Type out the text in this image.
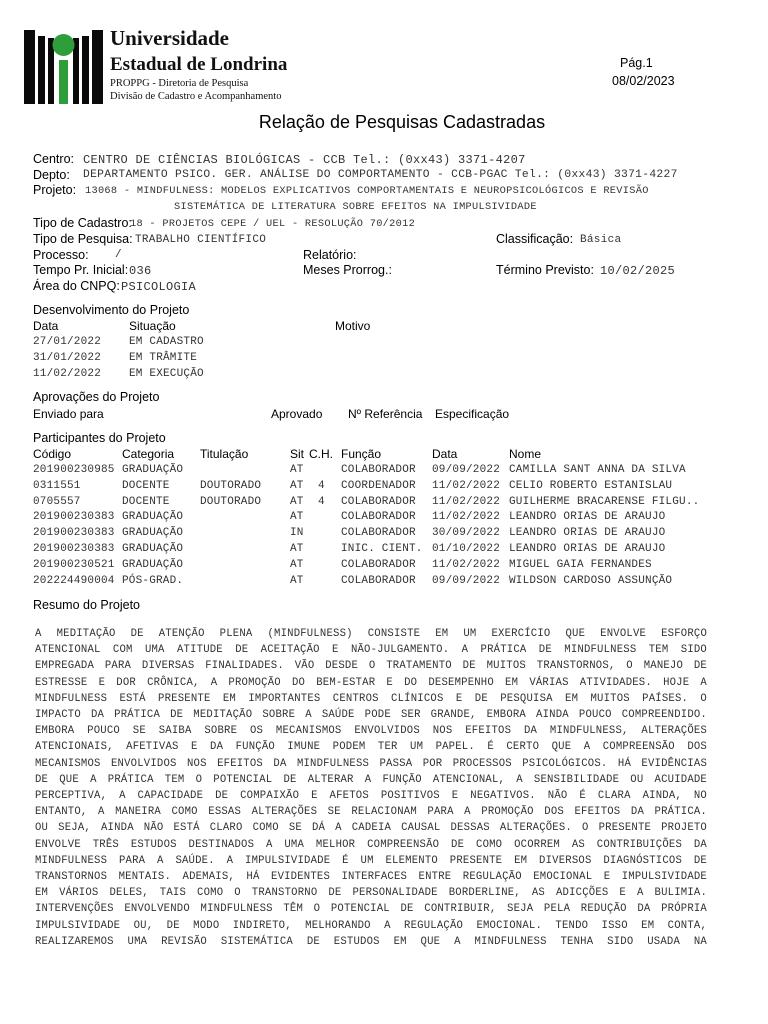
Universidade
Estadual de Londrina
PROPPG - Diretoria de Pesquisa
Divisão de Cadastro e Acompanhamento
Pág.1
08/02/2023
Relação de Pesquisas Cadastradas
Centro: CENTRO DE CIÊNCIAS BIOLÓGICAS - CCB Tel.: (0xx43) 3371-4207
Depto: DEPARTAMENTO PSICO. GER. ANÁLISE DO COMPORTAMENTO - CCB-PGAC Tel.: (0xx43) 3371-4227
Projeto: 13068 - MINDFULNESS: MODELOS EXPLICATIVOS COMPORTAMENTAIS E NEUROPSICOLÓGICOS E REVISÃO
SISTEMÁTICA DE LITERATURA SOBRE EFEITOS NA IMPULSIVIDADE
Tipo de Cadastro:
18 - PROJETOS CEPE / UEL - RESOLUÇÃO 70/2012
Tipo de Pesquisa: TRABALHO CIENTÍFICO	Classificação: Básica
Processo: /	Relatório:
Tempo Pr. Inicial: 036	Meses Prorrog.:	Término Previsto: 10/02/2025
Área do CNPQ: PSICOLOGIA
Desenvolvimento do Projeto
Data	Situação	Motivo
27/01/2022	EM CADASTRO
31/01/2022	EM TRÂMITE
11/02/2022	EM EXECUÇÃO
Aprovações do Projeto
Enviado para	Aprovado Nº Referência Especificação
Participantes do Projeto
Código	Categoria Titulação	Sit C.H. Função	Data	Nome
201900230985 GRADUAÇÃO	AT	COLABORADOR 09/09/2022 CAMILLA SANT ANNA DA SILVA
0311551	DOCENTE	DOUTORADO	AT 4 COORDENADOR 11/02/2022 CELIO ROBERTO ESTANISLAU
0705557	DOCENTE	DOUTORADO	AT 4 COLABORADOR 11/02/2022 GUILHERME BRACARENSE FILGU..
201900230383 GRADUAÇÃO	AT	COLABORADOR 11/02/2022 LEANDRO ORIAS DE ARAUJO
201900230383 GRADUAÇÃO	IN	COLABORADOR 30/09/2022 LEANDRO ORIAS DE ARAUJO
201900230383 GRADUAÇÃO	AT	INIC. CIENT. 01/10/2022 LEANDRO ORIAS DE ARAUJO
201900230521 GRADUAÇÃO	AT	COLABORADOR 11/02/2022 MIGUEL GAIA FERNANDES
202224490004 PÓS-GRAD.	AT	COLABORADOR 09/09/2022 WILDSON CARDOSO ASSUNÇÃO
Resumo do Projeto
A MEDITAÇÃO DE ATENÇÃO PLENA (MINDFULNESS) CONSISTE EM UM EXERCÍCIO QUE ENVOLVE ESFORÇO
ATENCIONAL COM UMA ATITUDE DE ACEITAÇÃO E NÃO-JULGAMENTO. A PRÁTICA DE MINDFULNESS TEM SIDO
EMPREGADA PARA DIVERSAS FINALIDADES. VÃO DESDE O TRATAMENTO DE MUITOS TRANSTORNOS, O MANEJO DE
ESTRESSE E DOR CRÔNICA, A PROMOÇÃO DO BEM-ESTAR E DO DESEMPENHO EM VÁRIAS ATIVIDADES. HOJE A
MINDFULNESS ESTÁ PRESENTE EM IMPORTANTES CENTROS CLÍNICOS E DE PESQUISA EM MUITOS PAÍSES. O
IMPACTO DA PRÁTICA DE MEDITAÇÃO SOBRE A SAÚDE PODE SER GRANDE, EMBORA AINDA POUCO COMPREENDIDO.
EMBORA POUCO SE SAIBA SOBRE OS MECANISMOS ENVOLVIDOS NOS EFEITOS DA MINDFULNESS, ALTERAÇÕES
ATENCIONAIS, AFETIVAS E DA FUNÇÃO IMUNE PODEM TER UM PAPEL. É CERTO QUE A COMPREENSÃO DOS
MECANISMOS ENVOLVIDOS NOS EFEITOS DA MINDFULNESS PASSA POR PROCESSOS PSICOLÓGICOS. HÁ EVIDÊNCIAS
DE QUE A PRÁTICA TEM O POTENCIAL DE ALTERAR A FUNÇÃO ATENCIONAL, A SENSIBILIDADE OU ACUIDADE
PERCEPTIVA, A CAPACIDADE DE COMPAIXÃO E AFETOS POSITIVOS E NEGATIVOS. NÃO É CLARA AINDA, NO
ENTANTO, A MANEIRA COMO ESSAS ALTERAÇÕES SE RELACIONAM PARA A PROMOÇÃO DOS EFEITOS DA PRÁTICA.
OU SEJA, AINDA NÃO ESTÁ CLARO COMO SE DÁ A CADEIA CAUSAL DESSAS ALTERAÇÕES. O PRESENTE PROJETO
ENVOLVE TRÊS ESTUDOS DESTINADOS A UMA MELHOR COMPREENSÃO DE COMO OCORREM AS CONTRIBUIÇÕES DA
MINDFULNESS PARA A SAÚDE. A IMPULSIVIDADE É UM ELEMENTO PRESENTE EM DIVERSOS DIAGNÓSTICOS DE
TRANSTORNOS MENTAIS. ADEMAIS, HÁ EVIDENTES INTERFACES ENTRE REGULAÇÃO EMOCIONAL E IMPULSIVIDADE
EM VÁRIOS DELES, TAIS COMO O TRANSTORNO DE PERSONALIDADE BORDERLINE, AS ADICÇÕES E A BULIMIA.
INTERVENÇÕES ENVOLVENDO MINDFULNESS TÊM O POTENCIAL DE CONTRIBUIR, SEJA PELA REDUÇÃO DA PRÓPRIA
IMPULSIVIDADE OU, DE MODO INDIRETO, MELHORANDO A REGULAÇÃO EMOCIONAL. TENDO ISSO EM CONTA,
REALIZAREMOS UMA REVISÃO SISTEMÁTICA DE ESTUDOS EM QUE A MINDFULNESS TENHA SIDO USADA NA
